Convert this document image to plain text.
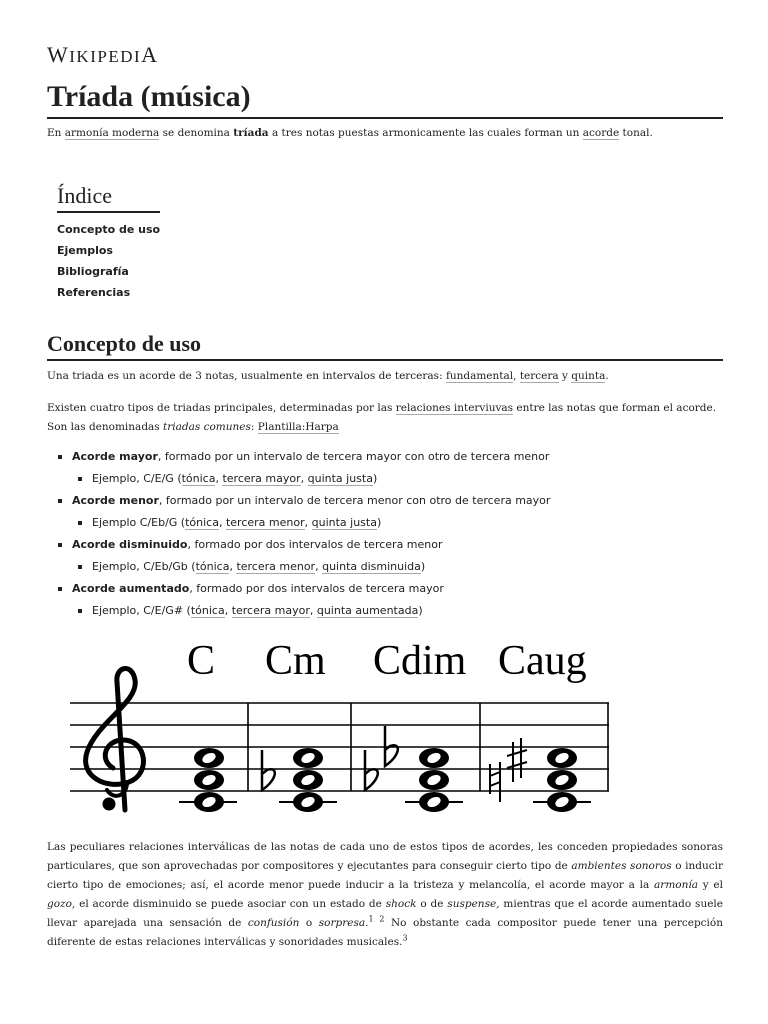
WIKIPEDIA
Tríada (música)
En armonía moderna se denomina tríada a tres notas puestas armonicamente las cuales forman un acorde tonal.
Índice
Concepto de uso
Ejemplos
Bibliografía
Referencias
Concepto de uso
Una triada es un acorde de 3 notas, usualmente en intervalos de terceras: fundamental, tercera y quinta.
Existen cuatro tipos de triadas principales, determinadas por las relaciones interviuvas entre las notas que forman el acorde. Son las denominadas triadas comunes: Plantilla:Harpa
Acorde mayor, formado por un intervalo de tercera mayor con otro de tercera menor
Ejemplo, C/E/G (tónica, tercera mayor, quinta justa)
Acorde menor, formado por un intervalo de tercera menor con otro de tercera mayor
Ejemplo C/Eb/G (tónica, tercera menor, quinta justa)
Acorde disminuido, formado por dos intervalos de tercera menor
Ejemplo, C/Eb/Gb (tónica, tercera menor, quinta disminuida)
Acorde aumentado, formado por dos intervalos de tercera mayor
Ejemplo, C/E/G# (tónica, tercera mayor, quinta aumentada)
C Cm Cdim Caug
Las peculiares relaciones interválicas de las notas de cada uno de estos tipos de acordes, les conceden propiedades sonoras particulares, que son aprovechadas por compositores y ejecutantes para conseguir cierto tipo de ambientes sonoros o inducir cierto tipo de emociones; así, el acorde menor puede inducir a la tristeza y melancolía, el acorde mayor a la armonía y el gozo, el acorde disminuido se puede asociar con un estado de shock o de suspense, mientras que el acorde aumentado suele llevar aparejada una sensación de confusión o sorpresa.$^{1 2}$ No obstante cada compositor puede tener una percepción diferente de estas relaciones interválicas y sonoridades musicales.$^3$
